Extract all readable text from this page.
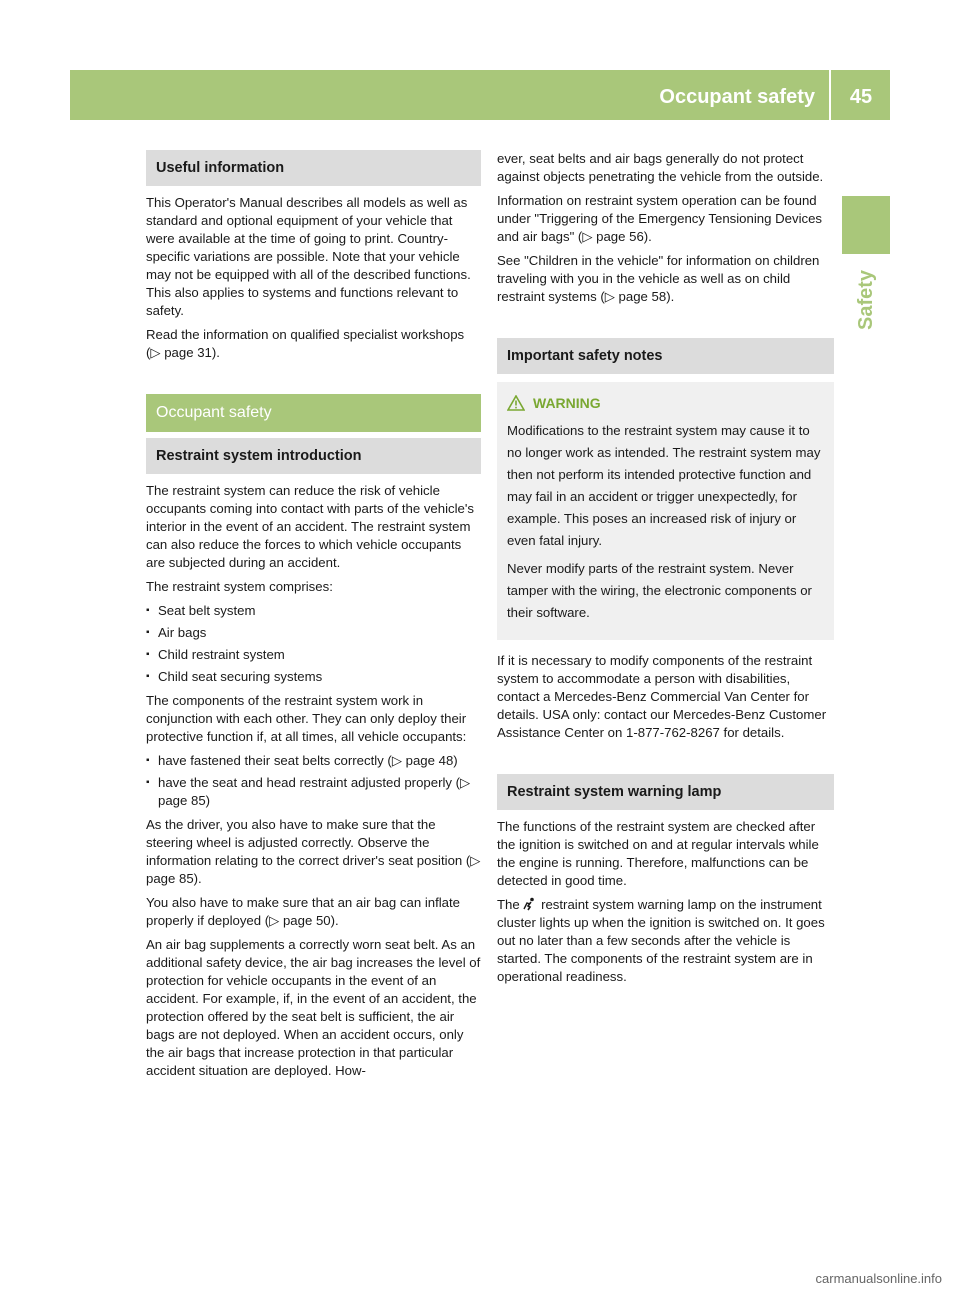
Occupant safety	45
Safety
Useful information

This Operator's Manual describes all models as well as standard and optional equipment of your vehicle that were available at the time of going to print. Country-specific variations are possible. Note that your vehicle may not be equipped with all of the described functions. This also applies to systems and functions relevant to safety.

Read the information on qualified specialist workshops (▷ page 31).

Occupant safety
Restraint system introduction

The restraint system can reduce the risk of vehicle occupants coming into contact with parts of the vehicle's interior in the event of an accident. The restraint system can also reduce the forces to which vehicle occupants are subjected during an accident.

The restraint system comprises:

▪ Seat belt system
▪ Air bags
▪ Child restraint system
▪ Child seat securing systems

The components of the restraint system work in conjunction with each other. They can only deploy their protective function if, at all times, all vehicle occupants:

▪ have fastened their seat belts correctly (▷ page 48)
▪ have the seat and head restraint adjusted properly (▷ page 85)

As the driver, you also have to make sure that the steering wheel is adjusted correctly. Observe the information relating to the correct driver's seat position (▷ page 85).

You also have to make sure that an air bag can inflate properly if deployed (▷ page 50).

An air bag supplements a correctly worn seat belt. As an additional safety device, the air bag increases the level of protection for vehicle occupants in the event of an accident. For example, if, in the event of an accident, the protection offered by the seat belt is sufficient, the air bags are not deployed. When an accident occurs, only the air bags that increase protection in that particular accident situation are deployed. How-

ever, seat belts and air bags generally do not protect against objects penetrating the vehicle from the outside.

Information on restraint system operation can be found under "Triggering of the Emergency Tensioning Devices and air bags" (▷ page 56).

See "Children in the vehicle" for information on children traveling with you in the vehicle as well as on child restraint systems (▷ page 58).

Important safety notes
WARNING

Modifications to the restraint system may cause it to no longer work as intended. The restraint system may then not perform its intended protective function and may fail in an accident or trigger unexpectedly, for example. This poses an increased risk of injury or even fatal injury.

Never modify parts of the restraint system. Never tamper with the wiring, the electronic components or their software.

If it is necessary to modify components of the restraint system to accommodate a person with disabilities, contact a Mercedes-Benz Commercial Van Center for details. USA only: contact our Mercedes-Benz Customer Assistance Center on 1-877-762-8267 for details.

Restraint system warning lamp

The functions of the restraint system are checked after the ignition is switched on and at regular intervals while the engine is running. Therefore, malfunctions can be detected in good time.

The restraint system warning lamp on the instrument cluster lights up when the ignition is switched on. It goes out no later than a few seconds after the vehicle is started. The components of the restraint system are in operational readiness.

carmanualsonline.info
